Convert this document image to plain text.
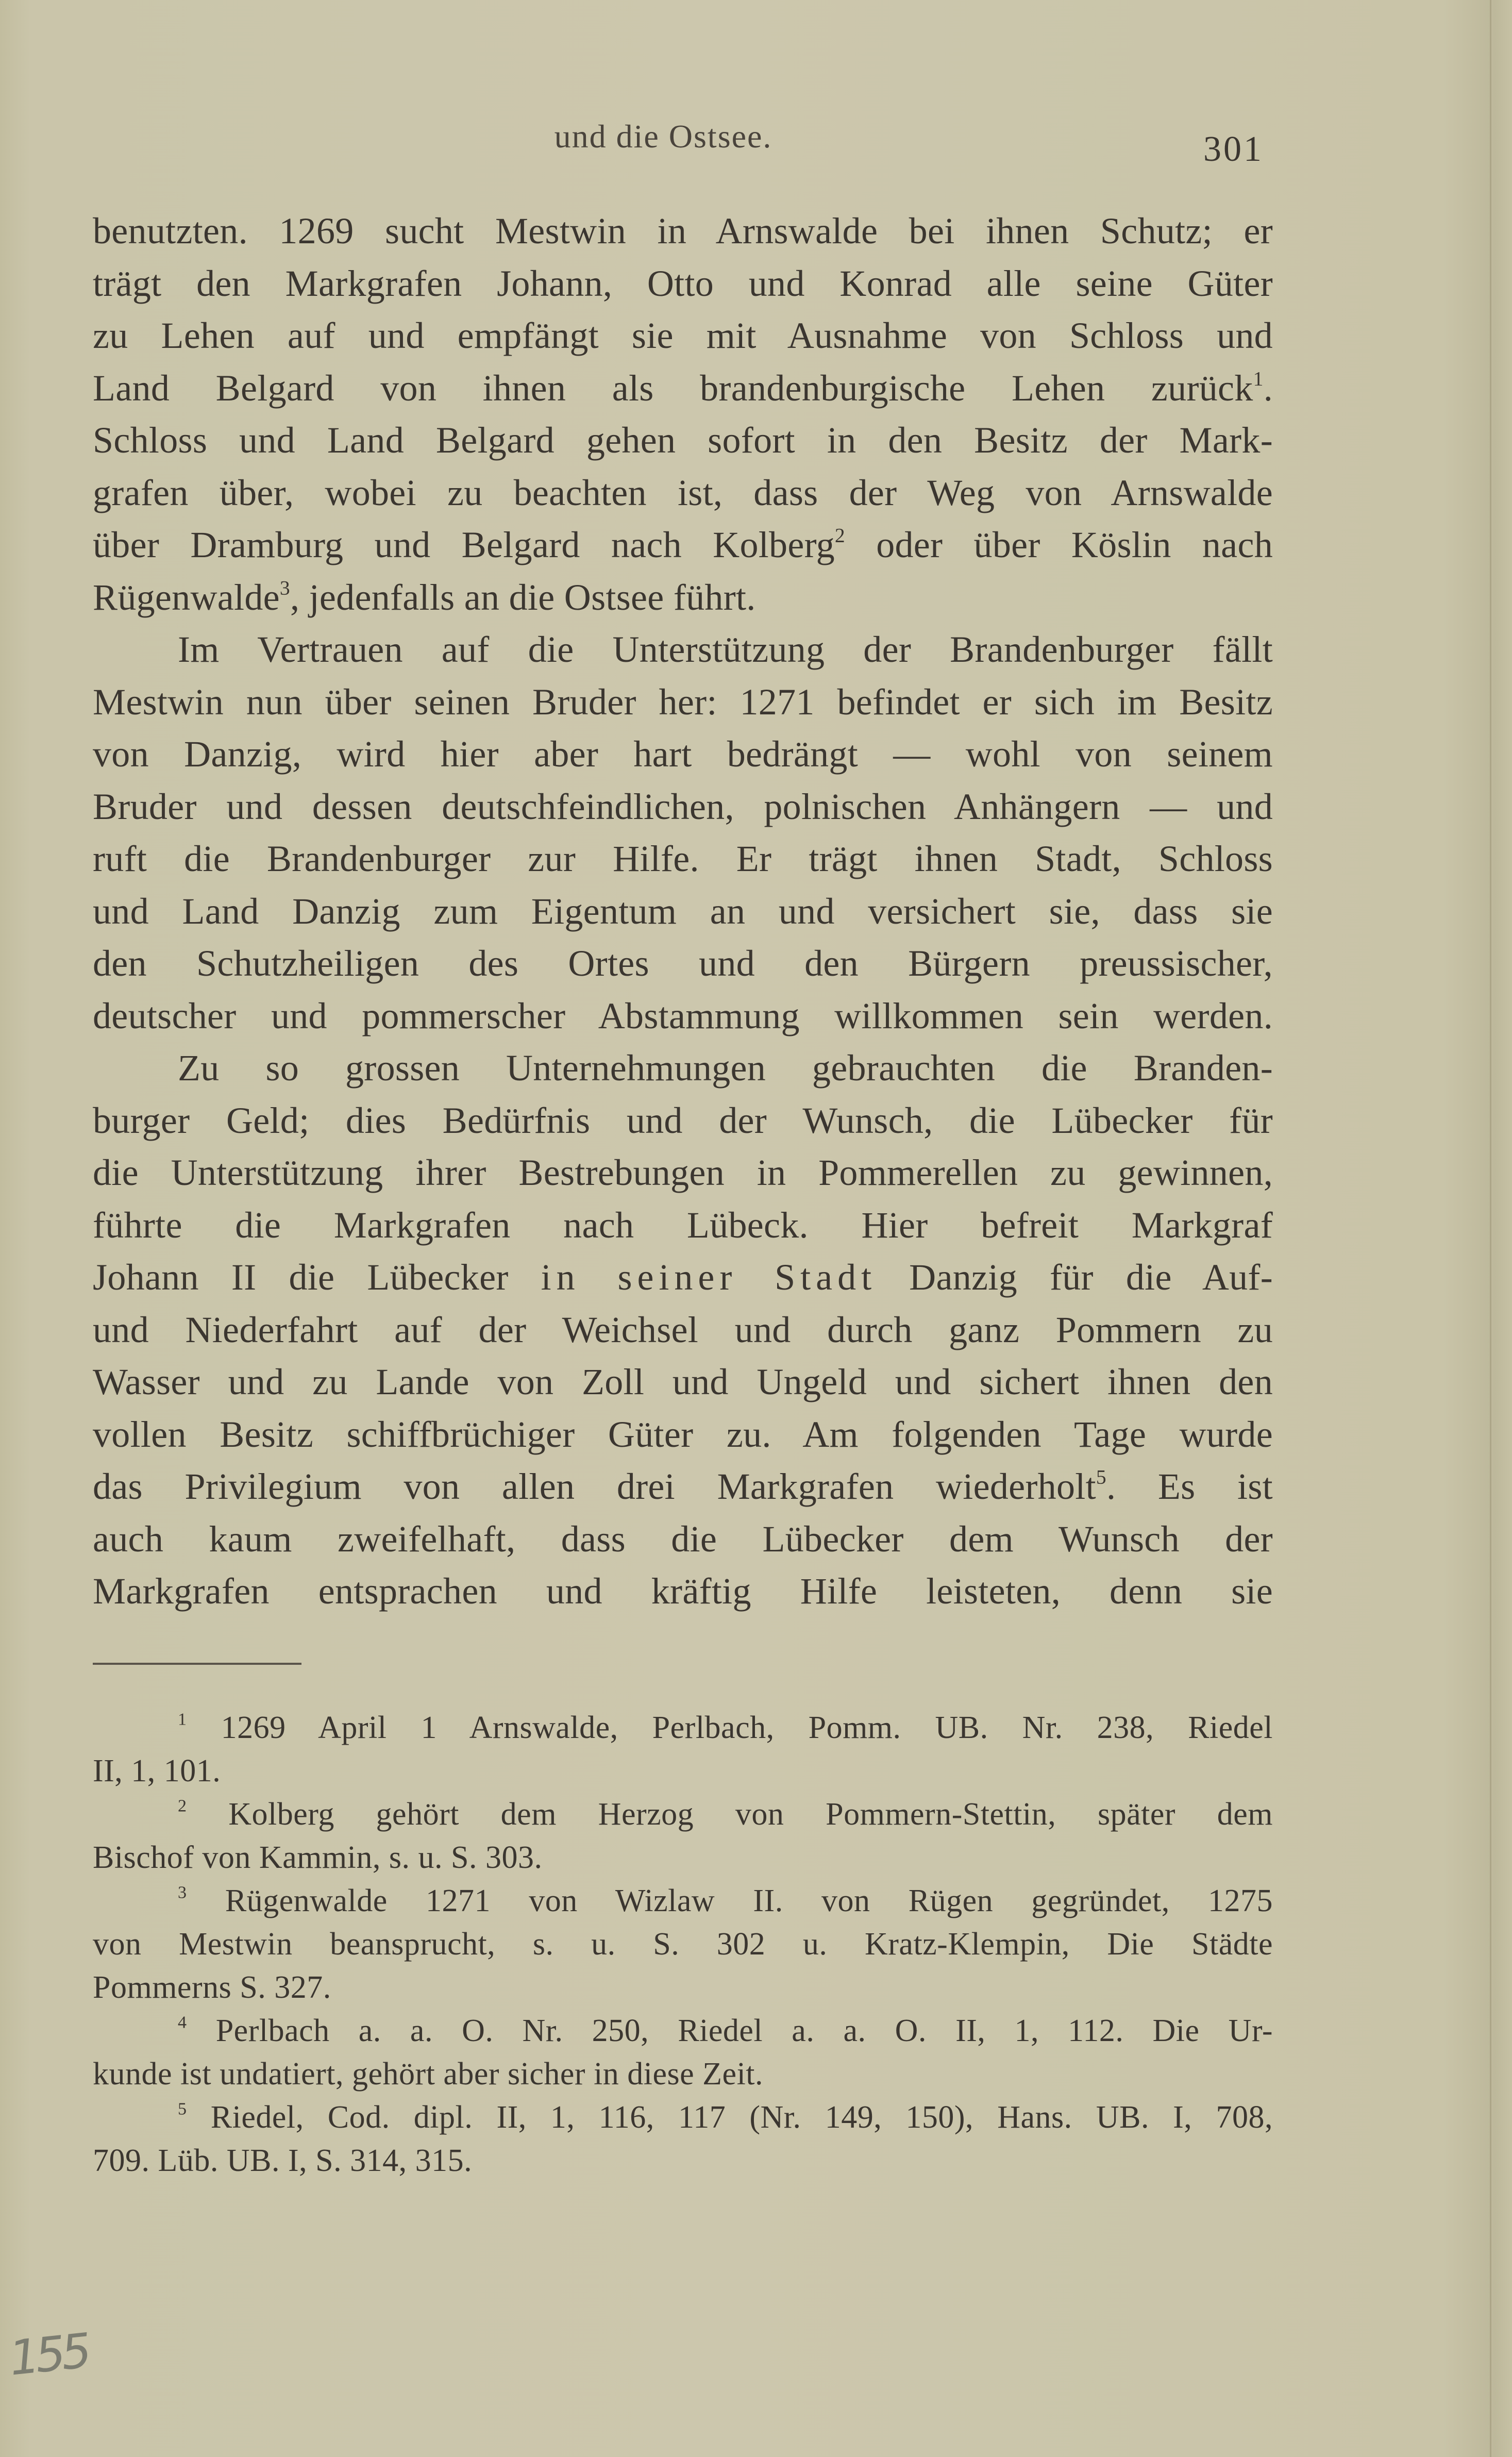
und die Ostsee.	301
benutzten. 1269 sucht Mestwin in Arnswalde bei ihnen Schutz; er
trägt den Markgrafen Johann, Otto und Konrad alle seine Güter
zu Lehen auf und empfängt sie mit Ausnahme von Schloss und
Land Belgard von ihnen als brandenburgische Lehen zurück$^1$.
Schloss und Land Belgard gehen sofort in den Besitz der Mark-
grafen über, wobei zu beachten ist, dass der Weg von Arnswalde
über Dramburg und Belgard nach Kolberg$^2$ oder über Köslin nach
Rügenwalde$^3$, jedenfalls an die Ostsee führt.
Im Vertrauen auf die Unterstützung der Brandenburger fällt
Mestwin nun über seinen Bruder her: 1271 befindet er sich im Besitz
von Danzig, wird hier aber hart bedrängt — wohl von seinem
Bruder und dessen deutschfeindlichen, polnischen Anhängern — und
ruft die Brandenburger zur Hilfe. Er trägt ihnen Stadt, Schloss
und Land Danzig zum Eigentum an und versichert sie, dass sie
den Schutzheiligen des Ortes und den Bürgern preussischer,
deutscher und pommerscher Abstammung willkommen sein werden.
Zu so grossen Unternehmungen gebrauchten die Branden-
burger Geld; dies Bedürfnis und der Wunsch, die Lübecker für
die Unterstützung ihrer Bestrebungen in Pommerellen zu gewinnen,
führte die Markgrafen nach Lübeck. Hier befreit Markgraf
Johann II die Lübecker in seiner Stadt Danzig für die Auf-
und Niederfahrt auf der Weichsel und durch ganz Pommern zu
Wasser und zu Lande von Zoll und Ungeld und sichert ihnen den
vollen Besitz schiffbrüchiger Güter zu. Am folgenden Tage wurde
das Privilegium von allen drei Markgrafen wiederholt$^5$. Es ist
auch kaum zweifelhaft, dass die Lübecker dem Wunsch der
Markgrafen entsprachen und kräftig Hilfe leisteten, denn sie
$^1$ 1269 April 1 Arnswalde, Perlbach, Pomm. UB. Nr. 238, Riedel
II, 1, 101.
$^2$ Kolberg gehört dem Herzog von Pommern-Stettin, später dem
Bischof von Kammin, s. u. S. 303.
$^3$ Rügenwalde 1271 von Wizlaw II. von Rügen gegründet, 1275
von Mestwin beansprucht, s. u. S. 302 u. Kratz-Klempin, Die Städte
Pommerns S. 327.
$^4$ Perlbach a. a. O. Nr. 250, Riedel a. a. O. II, 1, 112. Die Ur-
kunde ist undatiert, gehört aber sicher in diese Zeit.
$^5$ Riedel, Cod. dipl. II, 1, 116, 117 (Nr. 149, 150), Hans. UB. I, 708,
709. Lüb. UB. I, S. 314, 315.
155
